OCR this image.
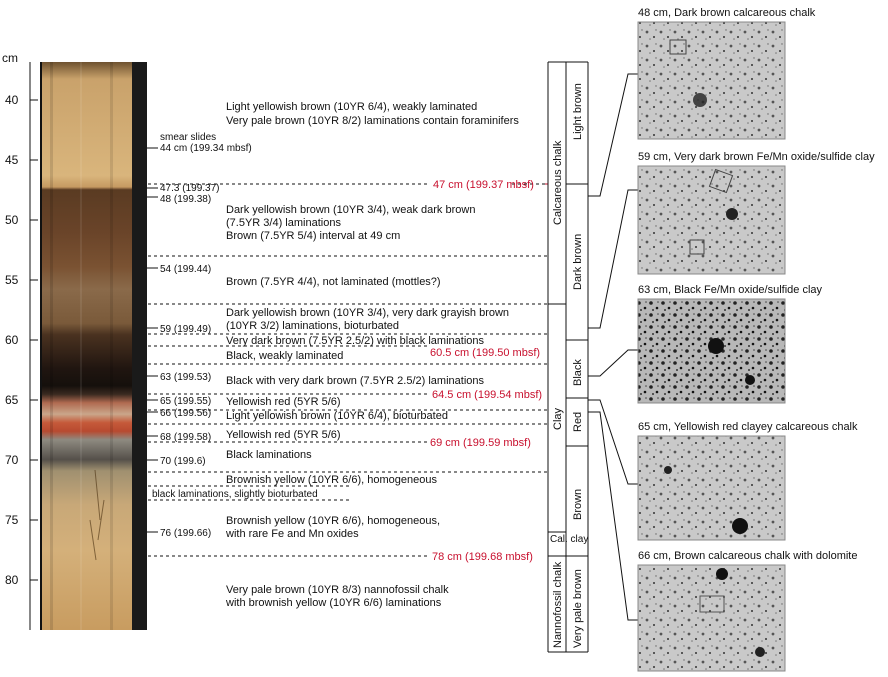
cm
40
45
50
55
60
65
70
75
80
smear slides
44 cm (199.34 mbsf)
47.3 (199.37)
48 (199.38)
54 (199.44)
59 (199.49)
63 (199.53)
65 (199.55)
66 (199.56)
68 (199.58)
70 (199.6)
76 (199.66)
47 cm (199.37 mbsf)
60.5 cm (199.50 mbsf)
64.5 cm (199.54 mbsf)
69 cm (199.59 mbsf)
78 cm (199.68 mbsf)
Light yellowish brown (10YR 6/4), weakly laminated
Very pale brown (10YR 8/2) laminations contain foraminifers
Dark yellowish brown (10YR 3/4), weak dark brown
(7.5YR 3/4) laminations
Brown (7.5YR 5/4) interval at 49 cm
Brown (7.5YR 4/4), not laminated (mottles?)
Dark yellowish brown (10YR 3/4), very dark grayish brown
(10YR 3/2) laminations, bioturbated
Very dark brown (7.5YR 2.5/2) with black laminations
Black, weakly laminated
Black with very dark brown (7.5YR 2.5/2) laminations
Yellowish red (5YR 5/6)
Light yellowish brown (10YR 6/4), bioturbated
Yellowish red (5YR 5/6)
Black laminations
Brownish yellow (10YR 6/6), homogeneous
black laminations, slightly bioturbated
Brownish yellow (10YR 6/6), homogeneous,
with rare Fe and Mn oxides
Very pale brown (10YR 8/3) nannofossil chalk
with brownish yellow (10YR 6/6) laminations
Calcareous chalk
Clay
Cal. clay
Nannofossil chalk
Light brown
Dark brown
Black
Red
Brown
Very pale brown
48 cm, Dark brown calcareous chalk
59 cm, Very dark brown Fe/Mn oxide/sulfide clay
63 cm, Black Fe/Mn oxide/sulfide clay
65 cm, Yellowish red clayey calcareous chalk
66 cm, Brown calcareous chalk with dolomite
